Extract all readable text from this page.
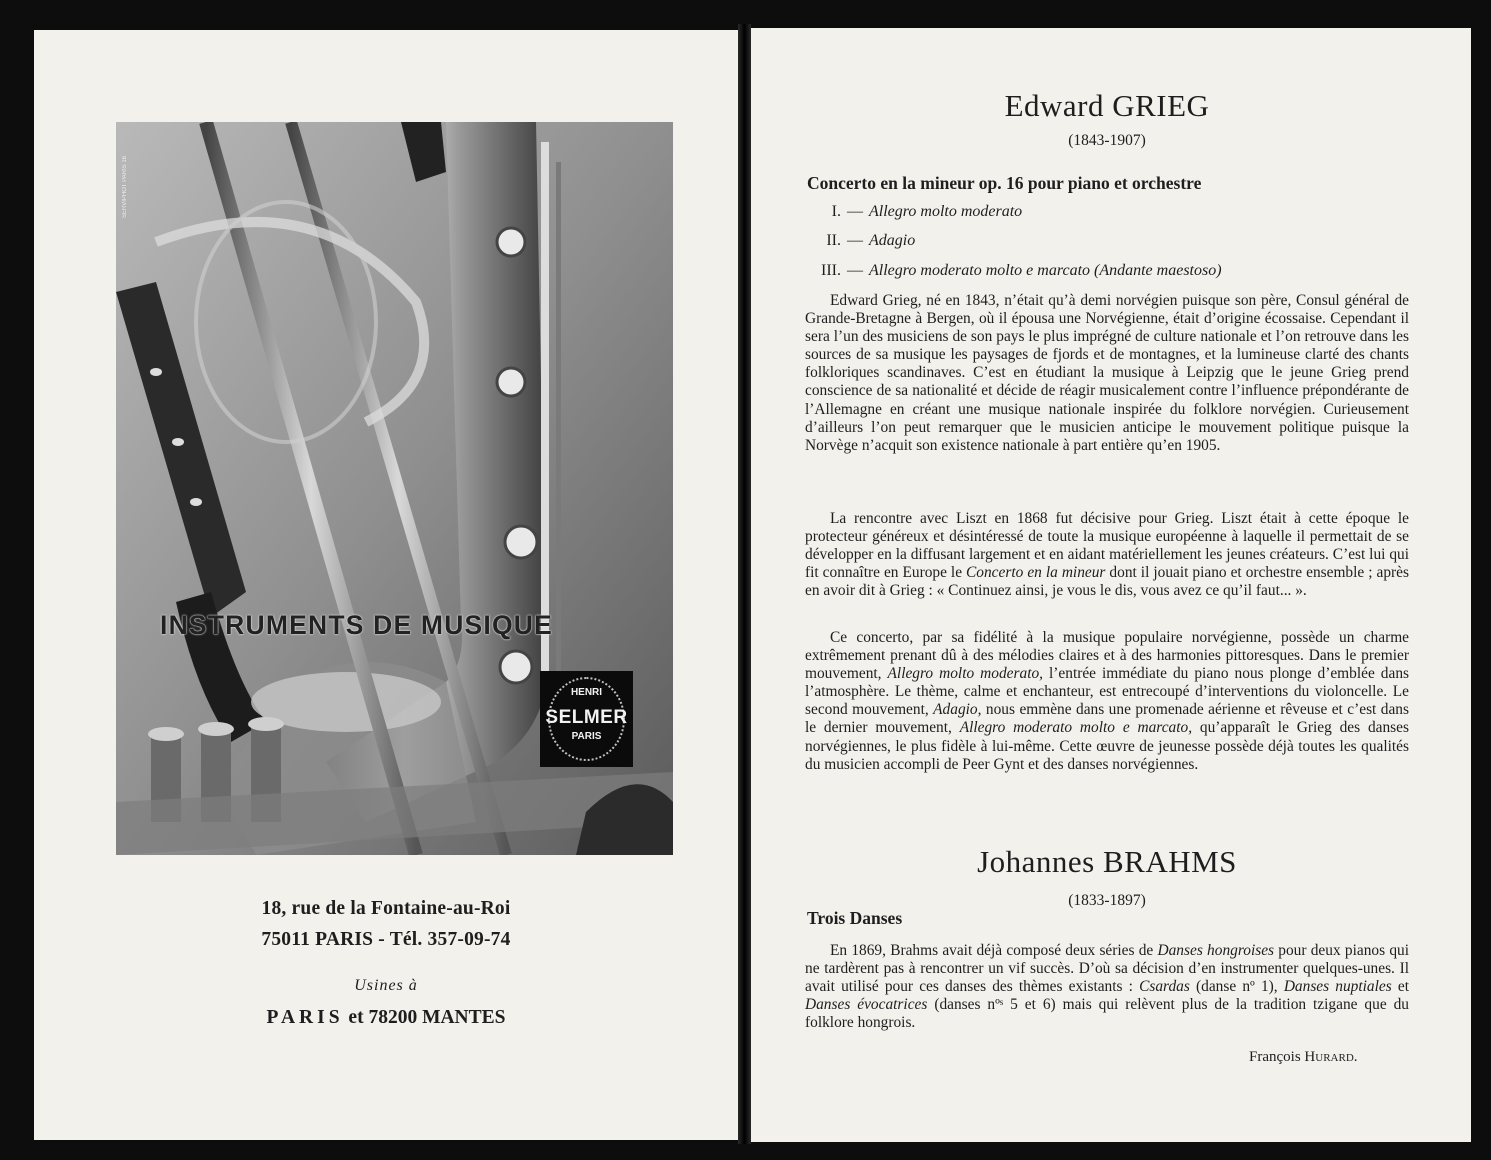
SERVIPHOT PARIS 16
INSTRUMENTS DE MUSIQUE
HENRI
SELMER
PARIS
18, rue de la Fontaine-au-Roi
75011 PARIS - Tél. 357-09-74
Usines à
PARIS et 78200 MANTES

Edward GRIEG
(1843-1907)
Concerto en la mineur op. 16 pour piano et orchestre
I. — Allegro molto moderato
II. — Adagio
III. — Allegro moderato molto e marcato (Andante maestoso)

Edward Grieg, né en 1843, n’était qu’à demi norvégien puisque son père, Consul général de Grande-Bretagne à Bergen, où il épousa une Norvégienne, était d’origine écossaise. Cependant il sera l’un des musiciens de son pays le plus imprégné de culture nationale et l’on retrouve dans les sources de sa musique les paysages de fjords et de montagnes, et la lumineuse clarté des chants folkloriques scandinaves. C’est en étudiant la musique à Leipzig que le jeune Grieg prend conscience de sa nationalité et décide de réagir musicalement contre l’influence prépondérante de l’Allemagne en créant une musique nationale inspirée du folklore norvégien. Curieusement d’ailleurs l’on peut remarquer que le musicien anticipe le mouvement politique puisque la Norvège n’acquit son existence nationale à part entière qu’en 1905.

La rencontre avec Liszt en 1868 fut décisive pour Grieg. Liszt était à cette époque le protecteur généreux et désintéressé de toute la musique européenne à laquelle il permettait de se développer en la diffusant largement et en aidant matériellement les jeunes créateurs. C’est lui qui fit connaître en Europe le Concerto en la mineur dont il jouait piano et orchestre ensemble ; après en avoir dit à Grieg : « Continuez ainsi, je vous le dis, vous avez ce qu’il faut... ».

Ce concerto, par sa fidélité à la musique populaire norvégienne, possède un charme extrêmement prenant dû à des mélodies claires et à des harmonies pittoresques. Dans le premier mouvement, Allegro molto moderato, l’entrée immédiate du piano nous plonge d’emblée dans l’atmosphère. Le thème, calme et enchanteur, est entrecoupé d’interventions du violoncelle. Le second mouvement, Adagio, nous emmène dans une promenade aérienne et rêveuse et c’est dans le dernier mouvement, Allegro moderato molto e marcato, qu’apparaît le Grieg des danses norvégiennes, le plus fidèle à lui-même. Cette œuvre de jeunesse possède déjà toutes les qualités du musicien accompli de Peer Gynt et des danses norvégiennes.

Johannes BRAHMS
(1833-1897)
Trois Danses

En 1869, Brahms avait déjà composé deux séries de Danses hongroises pour deux pianos qui ne tardèrent pas à rencontrer un vif succès. D’où sa décision d’en instrumenter quelques-unes. Il avait utilisé pour ces danses des thèmes existants : Csardas (danse nº 1), Danses nuptiales et Danses évocatrices (danses nºˢ 5 et 6) mais qui relèvent plus de la tradition tzigane que du folklore hongrois.

François Hurard.
